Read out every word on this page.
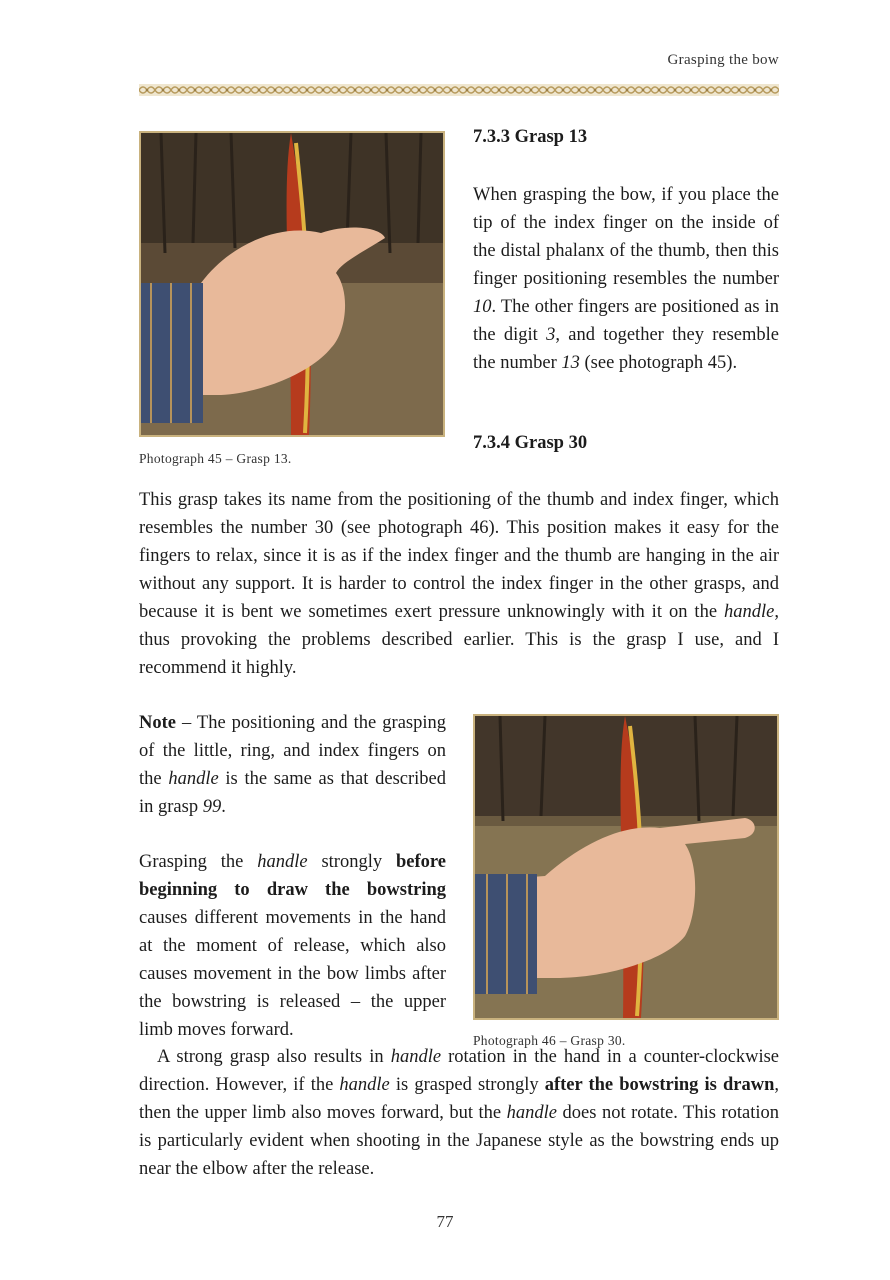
Grasping the bow
Photograph 45 – Grasp 13.
7.3.3 Grasp 13
When grasping the bow, if you place the tip of the index finger on the inside of the distal phalanx of the thumb, then this finger positioning resembles the number 10. The other fingers are positioned as in the digit 3, and together they resemble the number 13 (see photograph 45).
7.3.4 Grasp 30
This grasp takes its name from the positioning of the thumb and index finger, which resembles the number 30 (see photograph 46). This position makes it easy for the fingers to relax, since it is as if the index finger and the thumb are hanging in the air without any support. It is harder to control the index finger in the other grasps, and because it is bent we sometimes exert pressure unknowingly with it on the handle, thus provoking the problems described earlier. This is the grasp I use, and I recommend it highly.
Note – The positioning and the grasping of the little, ring, and index fingers on the handle is the same as that described in grasp 99.
Grasping the handle strongly before beginning to draw the bowstring causes different movements in the hand at the moment of release, which also causes movement in the bow limbs after the bowstring is released – the upper limb moves forward.
Photograph 46 – Grasp 30.
A strong grasp also results in handle rotation in the hand in a counter-clockwise direction. However, if the handle is grasped strongly after the bowstring is drawn, then the upper limb also moves forward, but the handle does not rotate. This rotation is particularly evident when shooting in the Japanese style as the bowstring ends up near the elbow after the release.
77
